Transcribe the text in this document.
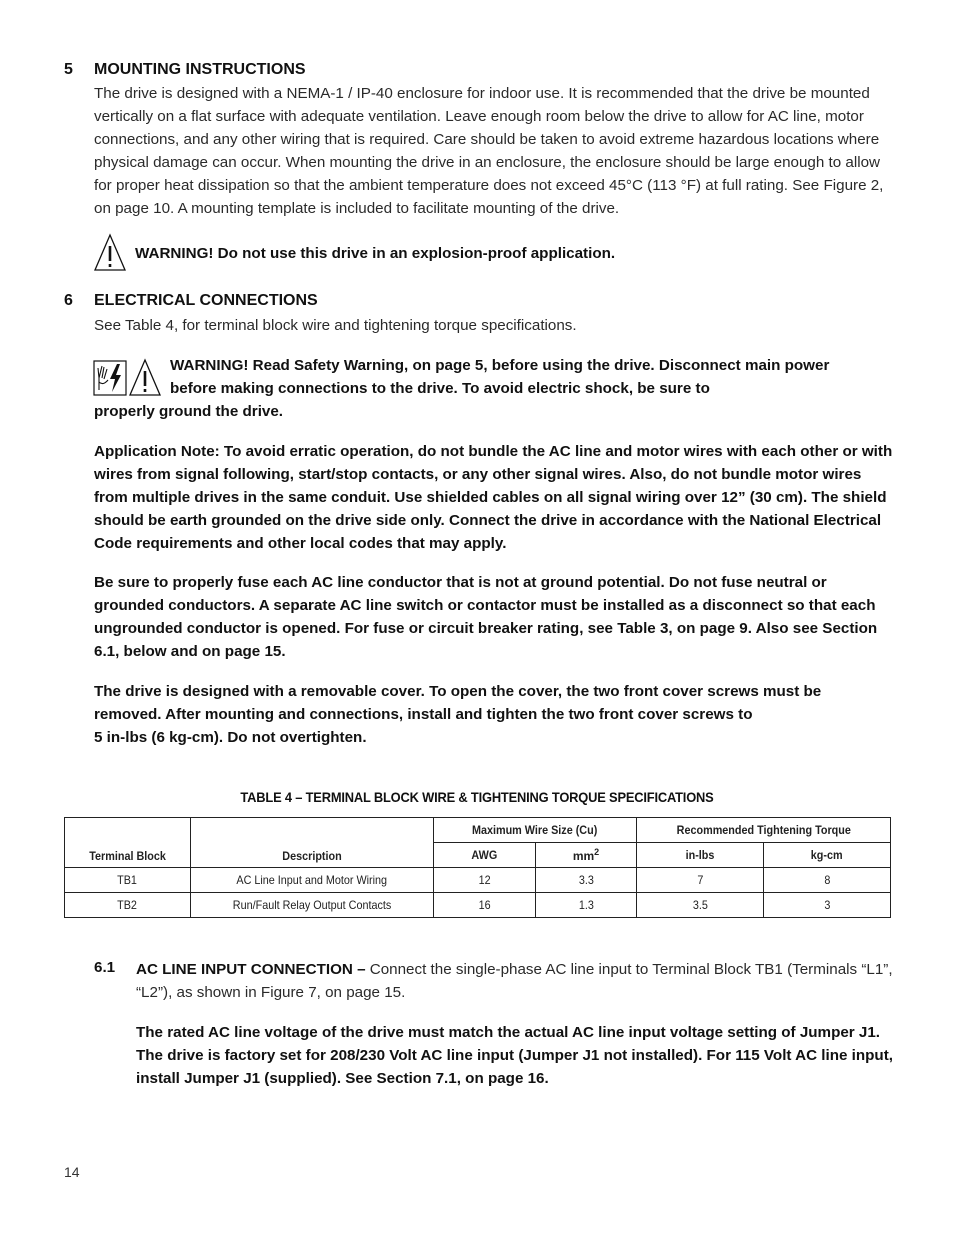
5 MOUNTING INSTRUCTIONS
The drive is designed with a NEMA-1 / IP-40 enclosure for indoor use. It is recommended that the drive be mounted vertically on a flat surface with adequate ventilation. Leave enough room below the drive to allow for AC line, motor connections, and any other wiring that is required. Care should be taken to avoid extreme hazardous locations where physical damage can occur. When mounting the drive in an enclosure, the enclosure should be large enough to allow for proper heat dissipation so that the ambient temperature does not exceed 45°C (113 °F) at full rating. See Figure 2, on page 10. A mounting template is included to facilitate mounting of the drive.
WARNING! Do not use this drive in an explosion-proof application.
6 ELECTRICAL CONNECTIONS
See Table 4, for terminal block wire and tightening torque specifications.
WARNING! Read Safety Warning, on page 5, before using the drive. Disconnect main power
before making connections to the drive. To avoid electric shock, be sure to
properly ground the drive.
Application Note: To avoid erratic operation, do not bundle the AC line and motor wires with each other or with wires from signal following, start/stop contacts, or any other signal wires. Also, do not bundle motor wires from multiple drives in the same conduit. Use shielded cables on all signal wiring over 12” (30 cm). The shield should be earth grounded on the drive side only. Connect the drive in accordance with the National Electrical Code requirements and other local codes that may apply.
Be sure to properly fuse each AC line conductor that is not at ground potential. Do not fuse neutral or grounded conductors. A separate AC line switch or contactor must be installed as a disconnect so that each ungrounded conductor is opened. For fuse or circuit breaker rating, see Table 3, on page 9. Also see Section 6.1, below and on page 15.
The drive is designed with a removable cover. To open the cover, the two front cover screws must be removed. After mounting and connections, install and tighten the two front cover screws to
5 in-lbs (6 kg-cm). Do not overtighten.
TABLE 4 – TERMINAL BLOCK WIRE & TIGHTENING TORQUE SPECIFICATIONS
Terminal Block	Description	Maximum Wire Size (Cu)		Recommended Tightening Torque	
		AWG	$mm^2$	in-lbs	kg-cm
TB1	AC Line Input and Motor Wiring	12	3.3	7	8
TB2	Run/Fault Relay Output Contacts	16	1.3	3.5	3
6.1 AC LINE INPUT CONNECTION – Connect the single-phase AC line input to Terminal Block TB1 (Terminals “L1”, “L2”), as shown in Figure 7, on page 15.
The rated AC line voltage of the drive must match the actual AC line input voltage setting of Jumper J1. The drive is factory set for 208/230 Volt AC line input (Jumper J1 not installed). For 115 Volt AC line input, install Jumper J1 (supplied). See Section 7.1, on page 16.
14
